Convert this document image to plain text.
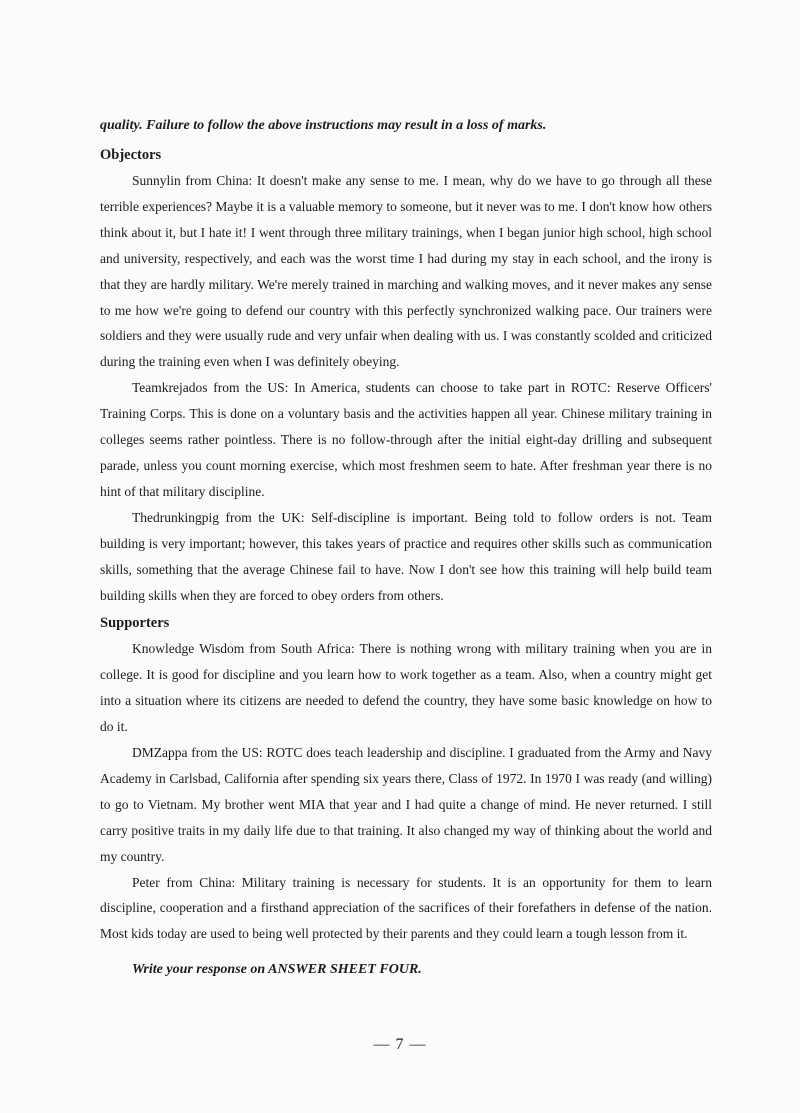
quality. Failure to follow the above instructions may result in a loss of marks.

Objectors

Sunnylin from China: It doesn't make any sense to me. I mean, why do we have to go through all these terrible experiences? Maybe it is a valuable memory to someone, but it never was to me. I don't know how others think about it, but I hate it! I went through three military trainings, when I began junior high school, high school and university, respectively, and each was the worst time I had during my stay in each school, and the irony is that they are hardly military. We're merely trained in marching and walking moves, and it never makes any sense to me how we're going to defend our country with this perfectly synchronized walking pace. Our trainers were soldiers and they were usually rude and very unfair when dealing with us. I was constantly scolded and criticized during the training even when I was definitely obeying.

Teamkrejados from the US: In America, students can choose to take part in ROTC: Reserve Officers' Training Corps. This is done on a voluntary basis and the activities happen all year. Chinese military training in colleges seems rather pointless. There is no follow-through after the initial eight-day drilling and subsequent parade, unless you count morning exercise, which most freshmen seem to hate. After freshman year there is no hint of that military discipline.

Thedrunkingpig from the UK: Self-discipline is important. Being told to follow orders is not. Team building is very important; however, this takes years of practice and requires other skills such as communication skills, something that the average Chinese fail to have. Now I don't see how this training will help build team building skills when they are forced to obey orders from others.

Supporters

Knowledge Wisdom from South Africa: There is nothing wrong with military training when you are in college. It is good for discipline and you learn how to work together as a team. Also, when a country might get into a situation where its citizens are needed to defend the country, they have some basic knowledge on how to do it.

DMZappa from the US: ROTC does teach leadership and discipline. I graduated from the Army and Navy Academy in Carlsbad, California after spending six years there, Class of 1972. In 1970 I was ready (and willing) to go to Vietnam. My brother went MIA that year and I had quite a change of mind. He never returned. I still carry positive traits in my daily life due to that training. It also changed my way of thinking about the world and my country.

Peter from China: Military training is necessary for students. It is an opportunity for them to learn discipline, cooperation and a firsthand appreciation of the sacrifices of their forefathers in defense of the nation. Most kids today are used to being well protected by their parents and they could learn a tough lesson from it.

Write your response on ANSWER SHEET FOUR.

— 7 —
